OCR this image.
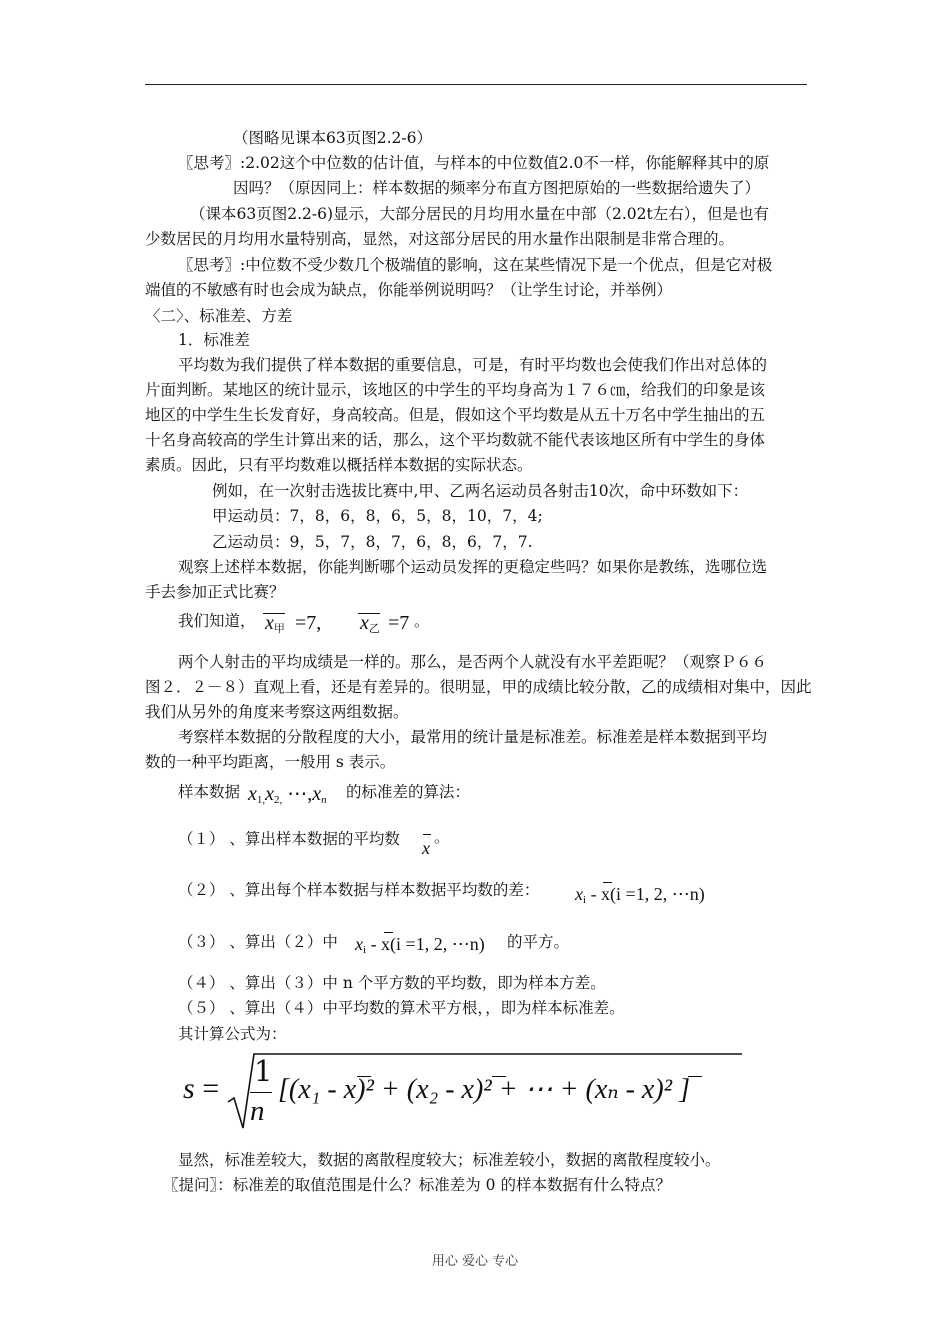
（图略见课本63页图2.2-6）
〖思考〗:2.02这个中位数的估计值，与样本的中位数值2.0不一样，你能解释其中的原
因吗？（原因同上：样本数据的频率分布直方图把原始的一些数据给遗失了）
（课本63页图2.2-6)显示，大部分居民的月均用水量在中部（2.02t左右），但是也有
少数居民的月均用水量特别高，显然，对这部分居民的用水量作出限制是非常合理的。
〖思考〗:中位数不受少数几个极端值的影响，这在某些情况下是一个优点，但是它对极
端值的不敏感有时也会成为缺点，你能举例说明吗？（让学生讨论，并举例）
〈二〉、标准差、方差
1．标准差
平均数为我们提供了样本数据的重要信息，可是，有时平均数也会使我们作出对总体的
片面判断。某地区的统计显示，该地区的中学生的平均身高为１７６㎝，给我们的印象是该
地区的中学生生长发育好，身高较高。但是，假如这个平均数是从五十万名中学生抽出的五
十名身高较高的学生计算出来的话，那么，这个平均数就不能代表该地区所有中学生的身体
素质。因此，只有平均数难以概括样本数据的实际状态。
例如，在一次射击选拔比赛中,甲、乙两名运动员各射击10次，命中环数如下：
甲运动员：7，8，6，8，6，5，8，10，7，4;
乙运动员：9，5，7，8，7，6，8，6，7，7.
观察上述样本数据，你能判断哪个运动员发挥的更稳定些吗？如果你是教练，选哪位选
手去参加正式比赛？
我们知道， $x_甲 =7$, $x_乙 =7$ 。
两个人射击的平均成绩是一样的。那么，是否两个人就没有水平差距呢？（观察Ｐ６６
图２．２－８）直观上看，还是有差异的。很明显，甲的成绩比较分散，乙的成绩相对集中，因此
我们从另外的角度来考察这两组数据。
考察样本数据的分散程度的大小，最常用的统计量是标准差。标准差是样本数据到平均
数的一种平均距离，一般用 s 表示。
样本数据 $x_{1,}x_{2,}$ $\cdots,x_n$ 的标准差的算法：
（１） 、算出样本数据的平均数 x
。
（２） 、算出每个样本数据与样本数据平均数的差： $x_i - x(i =1$, 2, ⋯n)
（３） 、算出（２）中 $x_i - x(i =1$, 2, ⋯n) 的平方。
（４） 、算出（３）中 n 个平方数的平均数，即为样本方差。
（５） 、算出（４）中平均数的算术平方根，，即为样本标准差。
其计算公式为：
s =
1
n
[(x₁ - x)² + (x₂ - x)² + ⋯ + (xₙ - x)² ]
显然，标准差较大，数据的离散程度较大；标准差较小，数据的离散程度较小。
〖提问〗：标准差的取值范围是什么？标准差为 0 的样本数据有什么特点？
用心 爱心 专心
